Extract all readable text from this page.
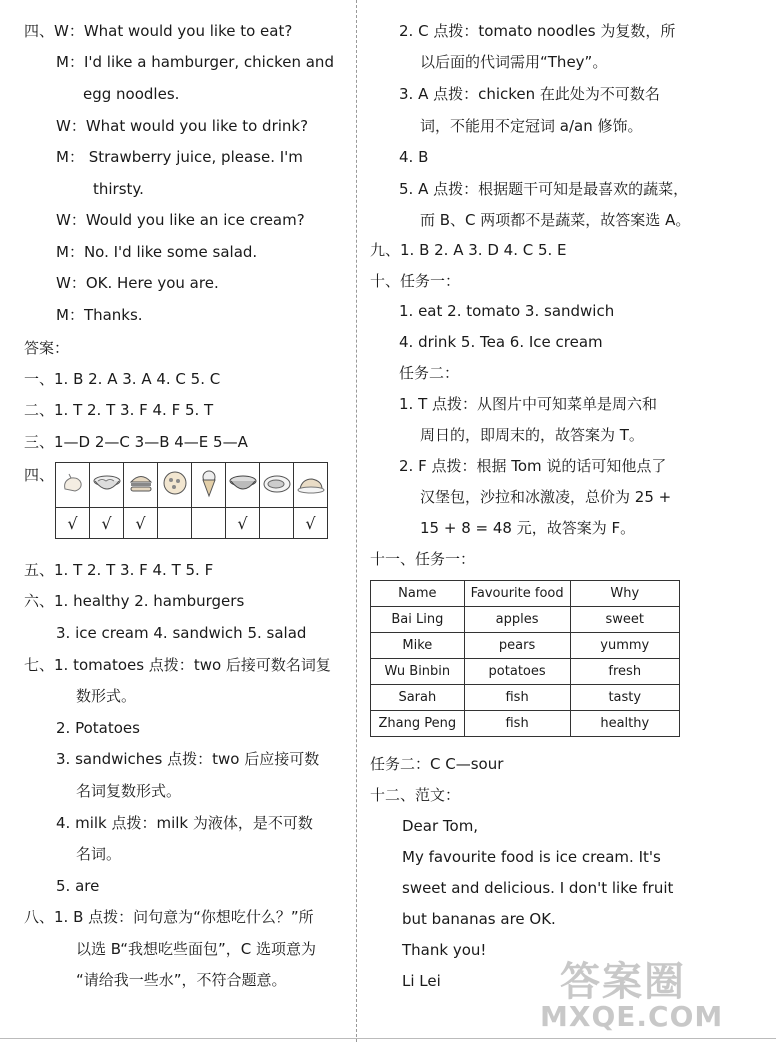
四、W：What would you like to eat?
M：I'd like a hamburger, chicken and
egg noodles.
W：What would you like to drink?
M： Strawberry juice, please. I'm
thirsty.
W：Would you like an ice cream?
M：No. I'd like some salad.
W：OK. Here you are.
M：Thanks.
答案：
一、1. B 2. A 3. A 4. C 5. C
二、1. T 2. T 3. F 4. F 5. T
三、1—D 2—C 3—B 4—E 5—A
四、

√	√	√			√		√
五、1. T 2. T 3. F 4. T 5. F
六、1. healthy 2. hamburgers
3. ice cream 4. sandwich 5. salad
七、1. tomatoes 点拨：two 后接可数名词复
数形式。
2. Potatoes
3. sandwiches 点拨：two 后应接可数
名词复数形式。
4. milk 点拨：milk 为液体，是不可数
名词。
5. are
八、1. B 点拨：问句意为“你想吃什么？”所
以选 B“我想吃些面包”，C 选项意为
“请给我一些水”，不符合题意。
2. C 点拨：tomato noodles 为复数，所
以后面的代词需用“They”。
3. A 点拨：chicken 在此处为不可数名
词，不能用不定冠词 a/an 修饰。
4. B
5. A 点拨：根据题干可知是最喜欢的蔬菜，
而 B、C 两项都不是蔬菜，故答案选 A。
九、1. B 2. A 3. D 4. C 5. E
十、任务一：
1. eat 2. tomato 3. sandwich
4. drink 5. Tea 6. Ice cream
任务二：
1. T 点拨：从图片中可知菜单是周六和
周日的，即周末的，故答案为 T。
2. F 点拨：根据 Tom 说的话可知他点了
汉堡包，沙拉和冰激凌，总价为 25 +
15 + 8 = 48 元，故答案为 F。
十一、任务一：
Name	Favourite food	Why
Bai Ling	apples	sweet
Mike	pears	yummy
Wu Binbin	potatoes	fresh
Sarah	fish	tasty
Zhang Peng	fish	healthy
任务二：C C—sour
十二、范文：
Dear Tom,
My favourite food is ice cream. It's
sweet and delicious. I don't like fruit
but bananas are OK.
Thank you!
Li Lei	答案圈
MXQE.COM
